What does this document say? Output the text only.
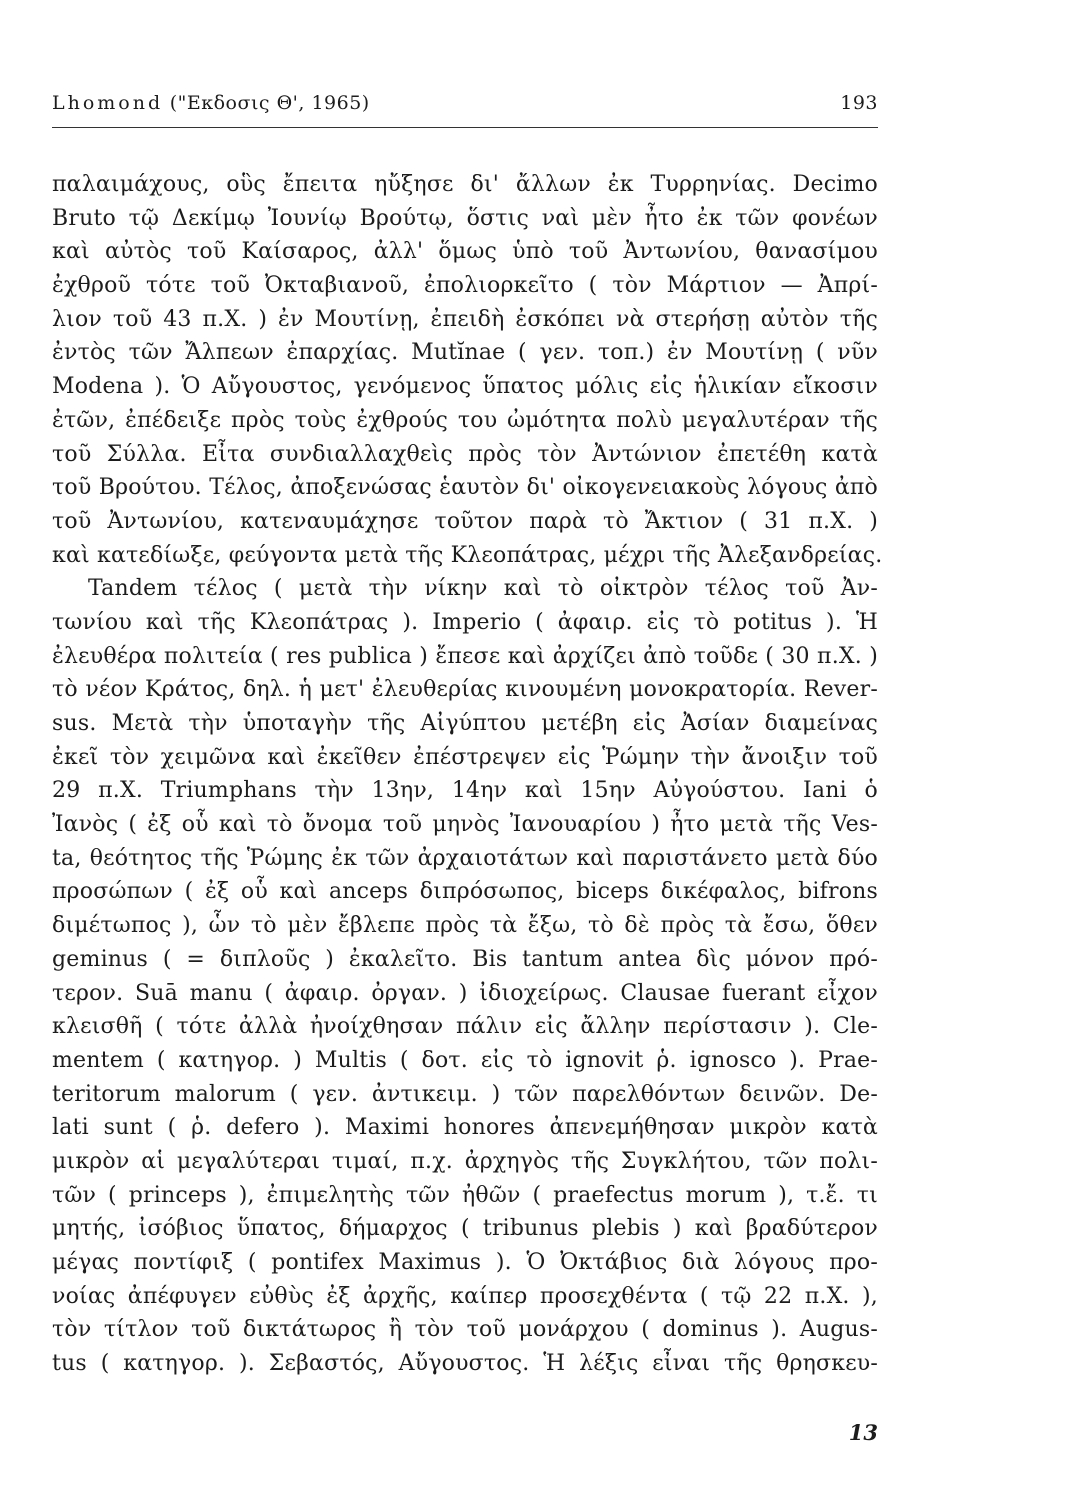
Lhomond ("Εκδοσις Θ', 1965)	193
παλαιμάχους, οὓς ἔπειτα ηὔξησε δι' ἄλλων ἐκ Τυρρηνίας. Decimo
Bruto τῷ Δεκίμῳ Ἰουνίῳ Βρούτῳ, ὅστις ναὶ μὲν ἦτο ἐκ τῶν φονέων
καὶ αὐτὸς τοῦ Καίσαρος, ἀλλ' ὅμως ὑπὸ τοῦ Ἀντωνίου, θανασίμου
ἐχθροῦ τότε τοῦ Ὀκταβιανοῦ, ἐπολιορκεῖτο ( τὸν Μάρτιον — Ἀπρί-
λιον τοῦ 43 π.Χ. ) ἐν Μουτίνῃ, ἐπειδὴ ἐσκόπει νὰ στερήσῃ αὐτὸν τῆς
ἐντὸς τῶν Ἄλπεων ἐπαρχίας. Mutĭnae ( γεν. τοπ.) ἐν Μουτίνῃ ( νῦν
Modena ). Ὁ Αὔγουστος, γενόμενος ὕπατος μόλις εἰς ἡλικίαν εἴκοσιν
ἐτῶν, ἐπέδειξε πρὸς τοὺς ἐχθρούς του ὠμότητα πολὺ μεγαλυτέραν τῆς
τοῦ Σύλλα. Εἶτα συνδιαλλαχθεὶς πρὸς τὸν Ἀντώνιον ἐπετέθη κατὰ
τοῦ Βρούτου. Τέλος, ἀποξενώσας ἑαυτὸν δι' οἰκογενειακοὺς λόγους ἀπὸ
τοῦ Ἀντωνίου, κατεναυμάχησε τοῦτον παρὰ τὸ Ἄκτιον ( 31 π.Χ. )
καὶ κατεδίωξε, φεύγοντα μετὰ τῆς Κλεοπάτρας, μέχρι τῆς Ἀλεξανδρείας.
Tandem τέλος ( μετὰ τὴν νίκην καὶ τὸ οἰκτρὸν τέλος τοῦ Ἀν-
τωνίου καὶ τῆς Κλεοπάτρας ). Imperio ( ἀφαιρ. εἰς τὸ potitus ). Ἡ
ἐλευθέρα πολιτεία ( res publica ) ἔπεσε καὶ ἀρχίζει ἀπὸ τοῦδε ( 30 π.Χ. )
τὸ νέον Κράτος, δηλ. ἡ μετ' ἐλευθερίας κινουμένη μονοκρατορία. Rever-
sus. Μετὰ τὴν ὑποταγὴν τῆς Αἰγύπτου μετέβη εἰς Ἀσίαν διαμείνας
ἐκεῖ τὸν χειμῶνα καὶ ἐκεῖθεν ἐπέστρεψεν εἰς Ῥώμην τὴν ἄνοιξιν τοῦ
29 π.Χ. Triumphans τὴν 13ην, 14ην καὶ 15ην Αὐγούστου. Iani ὁ
Ἰανὸς ( ἐξ οὗ καὶ τὸ ὄνομα τοῦ μηνὸς Ἰανουαρίου ) ἦτο μετὰ τῆς Ves-
ta, θεότητος τῆς Ῥώμης ἐκ τῶν ἀρχαιοτάτων καὶ παριστάνετο μετὰ δύο
προσώπων ( ἐξ οὗ καὶ anceps διπρόσωπος, biceps δικέφαλος, bifrons
διμέτωπος ), ὧν τὸ μὲν ἔβλεπε πρὸς τὰ ἔξω, τὸ δὲ πρὸς τὰ ἔσω, ὅθεν
geminus ( = διπλοῦς ) ἐκαλεῖτο. Bis tantum antea δὶς μόνον πρό-
τερον. Suā manu ( ἀφαιρ. ὀργαν. ) ἰδιοχείρως. Clausae fuerant εἶχον
κλεισθῆ ( τότε ἀλλὰ ἠνοίχθησαν πάλιν εἰς ἄλλην περίστασιν ). Cle-
mentem ( κατηγορ. ) Multis ( δοτ. εἰς τὸ ignovit ῥ. ignosco ). Prae-
teritorum malorum ( γεν. ἀντικειμ. ) τῶν παρελθόντων δεινῶν. De-
lati sunt ( ῥ. defero ). Maximi honores ἀπενεμήθησαν μικρὸν κατὰ
μικρὸν αἱ μεγαλύτεραι τιμαί, π.χ. ἀρχηγὸς τῆς Συγκλήτου, τῶν πολι-
τῶν ( princeps ), ἐπιμελητὴς τῶν ἠθῶν ( praefectus morum ), τ.ἔ. τι
μητής, ἰσόβιος ὕπατος, δήμαρχος ( tribunus plebis ) καὶ βραδύτερον
μέγας ποντίφιξ ( pontifex Maximus ). Ὁ Ὀκτάβιος διὰ λόγους προ-
νοίας ἀπέφυγεν εὐθὺς ἐξ ἀρχῆς, καίπερ προσεχθέντα ( τῷ 22 π.Χ. ),
τὸν τίτλον τοῦ δικτάτωρος ἢ τὸν τοῦ μονάρχου ( dominus ). Augus-
tus ( κατηγορ. ). Σεβαστός, Αὔγουστος. Ἡ λέξις εἶναι τῆς θρησκευ-
13
